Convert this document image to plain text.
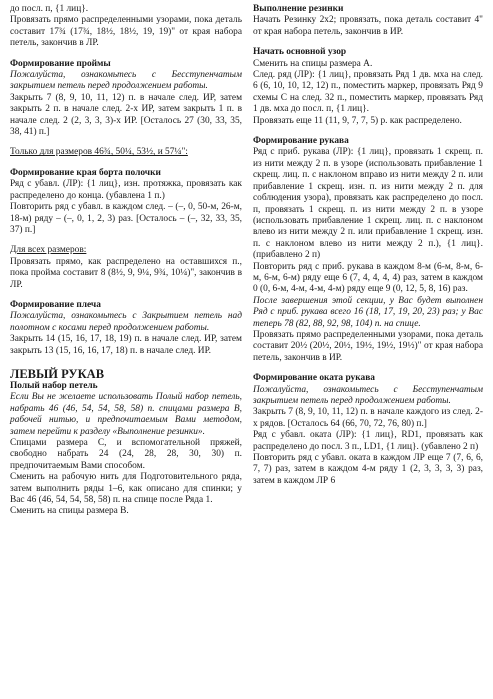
до посл. п, {1 лиц}.

Провязать прямо распределенными узорами, пока деталь составит 17¾ (17¾, 18½, 18½, 19, 19)" от края набора петель, закончив в ЛР.

Формирование проймы

Пожалуйста, ознакомьтесь с Бесступенчатым закрытием петель перед продолжением работы.

Закрыть 7 (8, 9, 10, 11, 12) п. в начале след. ИР, затем закрыть 2 п. в начале след. 2-х ИР, затем закрыть 1 п. в начале след. 2 (2, 3, 3, 3)-х ИР. [Осталось 27 (30, 33, 35, 38, 41) п.]

Только для размеров 46¾, 50¼, 53½, и 57¼":

Формирование края борта полочки

Ряд с убавл. (ЛР): {1 лиц}, изн. протяжка, провязать как распределено до конца. (убавлена 1 п.)

Повторить ряд с убавл. в каждом след. – (–, 0, 50-м, 26-м, 18-м) ряду – (–, 0, 1, 2, 3) раз. [Осталось – (–, 32, 33, 35, 37) п.]

Для всех размеров:

Провязать прямо, как распределено на оставшихся п., пока пройма составит 8 (8½, 9, 9¼, 9¾, 10¼)", закончив в ЛР.

Формирование плеча

Пожалуйста, ознакомьтесь с Закрытием петель над полотном с косами перед продолжением работы.

Закрыть 14 (15, 16, 17, 18, 19) п. в начале след. ИР, затем закрыть 13 (15, 16, 16, 17, 18) п. в начале след. ИР.

ЛЕВЫЙ РУКАВ

Полый набор петель

Если Вы не желаете использовать Полый набор петель, набрать 46 (46, 54, 54, 58, 58) п. спицами размера В, рабочей нитью, и предпочитаемым Вами методом, затем перейти к разделу «Выполнение резинки».

Спицами размера С, и вспомогательной пряжей, свободно набрать 24 (24, 28, 28, 30, 30) п. предпочитаемым Вами способом.

Сменить на рабочую нить для Подготовительного ряда, затем выполнить ряды 1–6, как описано для спинки; у Вас 46 (46, 54, 54, 58, 58) п. на спице после Ряда 1.

Сменить на спицы размера В.

Выполнение резинки

Начать Резинку 2х2; провязать, пока деталь составит 4" от края набора петель, закончив в ИР.

Начать основной узор

Сменить на спицы размера А.

След. ряд (ЛР): {1 лиц}, провязать Ряд 1 дв. мха на след. 6 (6, 10, 10, 12, 12) п., поместить маркер, провязать Ряд 9 схемы С на след. 32 п., поместить маркер, провязать Ряд 1 дв. мха до посл. п, {1 лиц}.

Провязать еще 11 (11, 9, 7, 7, 5) р. как распределено.

Формирование рукава

Ряд с приб. рукава (ЛР): {1 лиц}, провязать 1 скрещ. п. из нити между 2 п. в узоре (использовать прибавление 1 скрещ. лиц. п. с наклоном вправо из нити между 2 п. или прибавление 1 скрещ. изн. п. из нити между 2 п. для соблюдения узора), провязать как распределено до посл. п, провязать 1 скрещ. п. из нити между 2 п. в узоре (использовать прибавление 1 скрещ. лиц. п. с наклоном влево из нити между 2 п. или прибавление 1 скрещ. изн. п. с наклоном влево из нити между 2 п.), {1 лиц}. (прибавлено 2 п)

Повторить ряд с приб. рукава в каждом 8-м (6-м, 8-м, 6-м, 6-м, 6-м) ряду еще 6 (7, 4, 4, 4, 4) раз, затем в каждом 0 (0, 6-м, 4-м, 4-м, 4-м) ряду еще 9 (0, 12, 5, 8, 16) раз.

После завершения этой секции, у Вас будет выполнен Ряд с приб. рукава всего 16 (18, 17, 19, 20, 23) раз; у Вас теперь 78 (82, 88, 92, 98, 104) п. на спице.

Провязать прямо распределенными узорами, пока деталь составит 20½ (20½, 20½, 19½, 19½, 19½)" от края набора петель, закончив в ИР.

Формирование оката рукава

Пожалуйста, ознакомьтесь с Бесступенчатым закрытием петель перед продолжением работы.

Закрыть 7 (8, 9, 10, 11, 12) п. в начале каждого из след. 2-х рядов. [Осталось 64 (66, 70, 72, 76, 80) п.]

Ряд с убавл. оката (ЛР): {1 лиц}, RD1, провязать как распределено до посл. 3 п., LD1, {1 лиц}. (убавлено 2 п)

Повторить ряд с убавл. оката в каждом ЛР еще 7 (7, 6, 6, 7, 7) раз, затем в каждом 4-м ряду 1 (2, 3, 3, 3, 3) раз, затем в каждом ЛР 6
